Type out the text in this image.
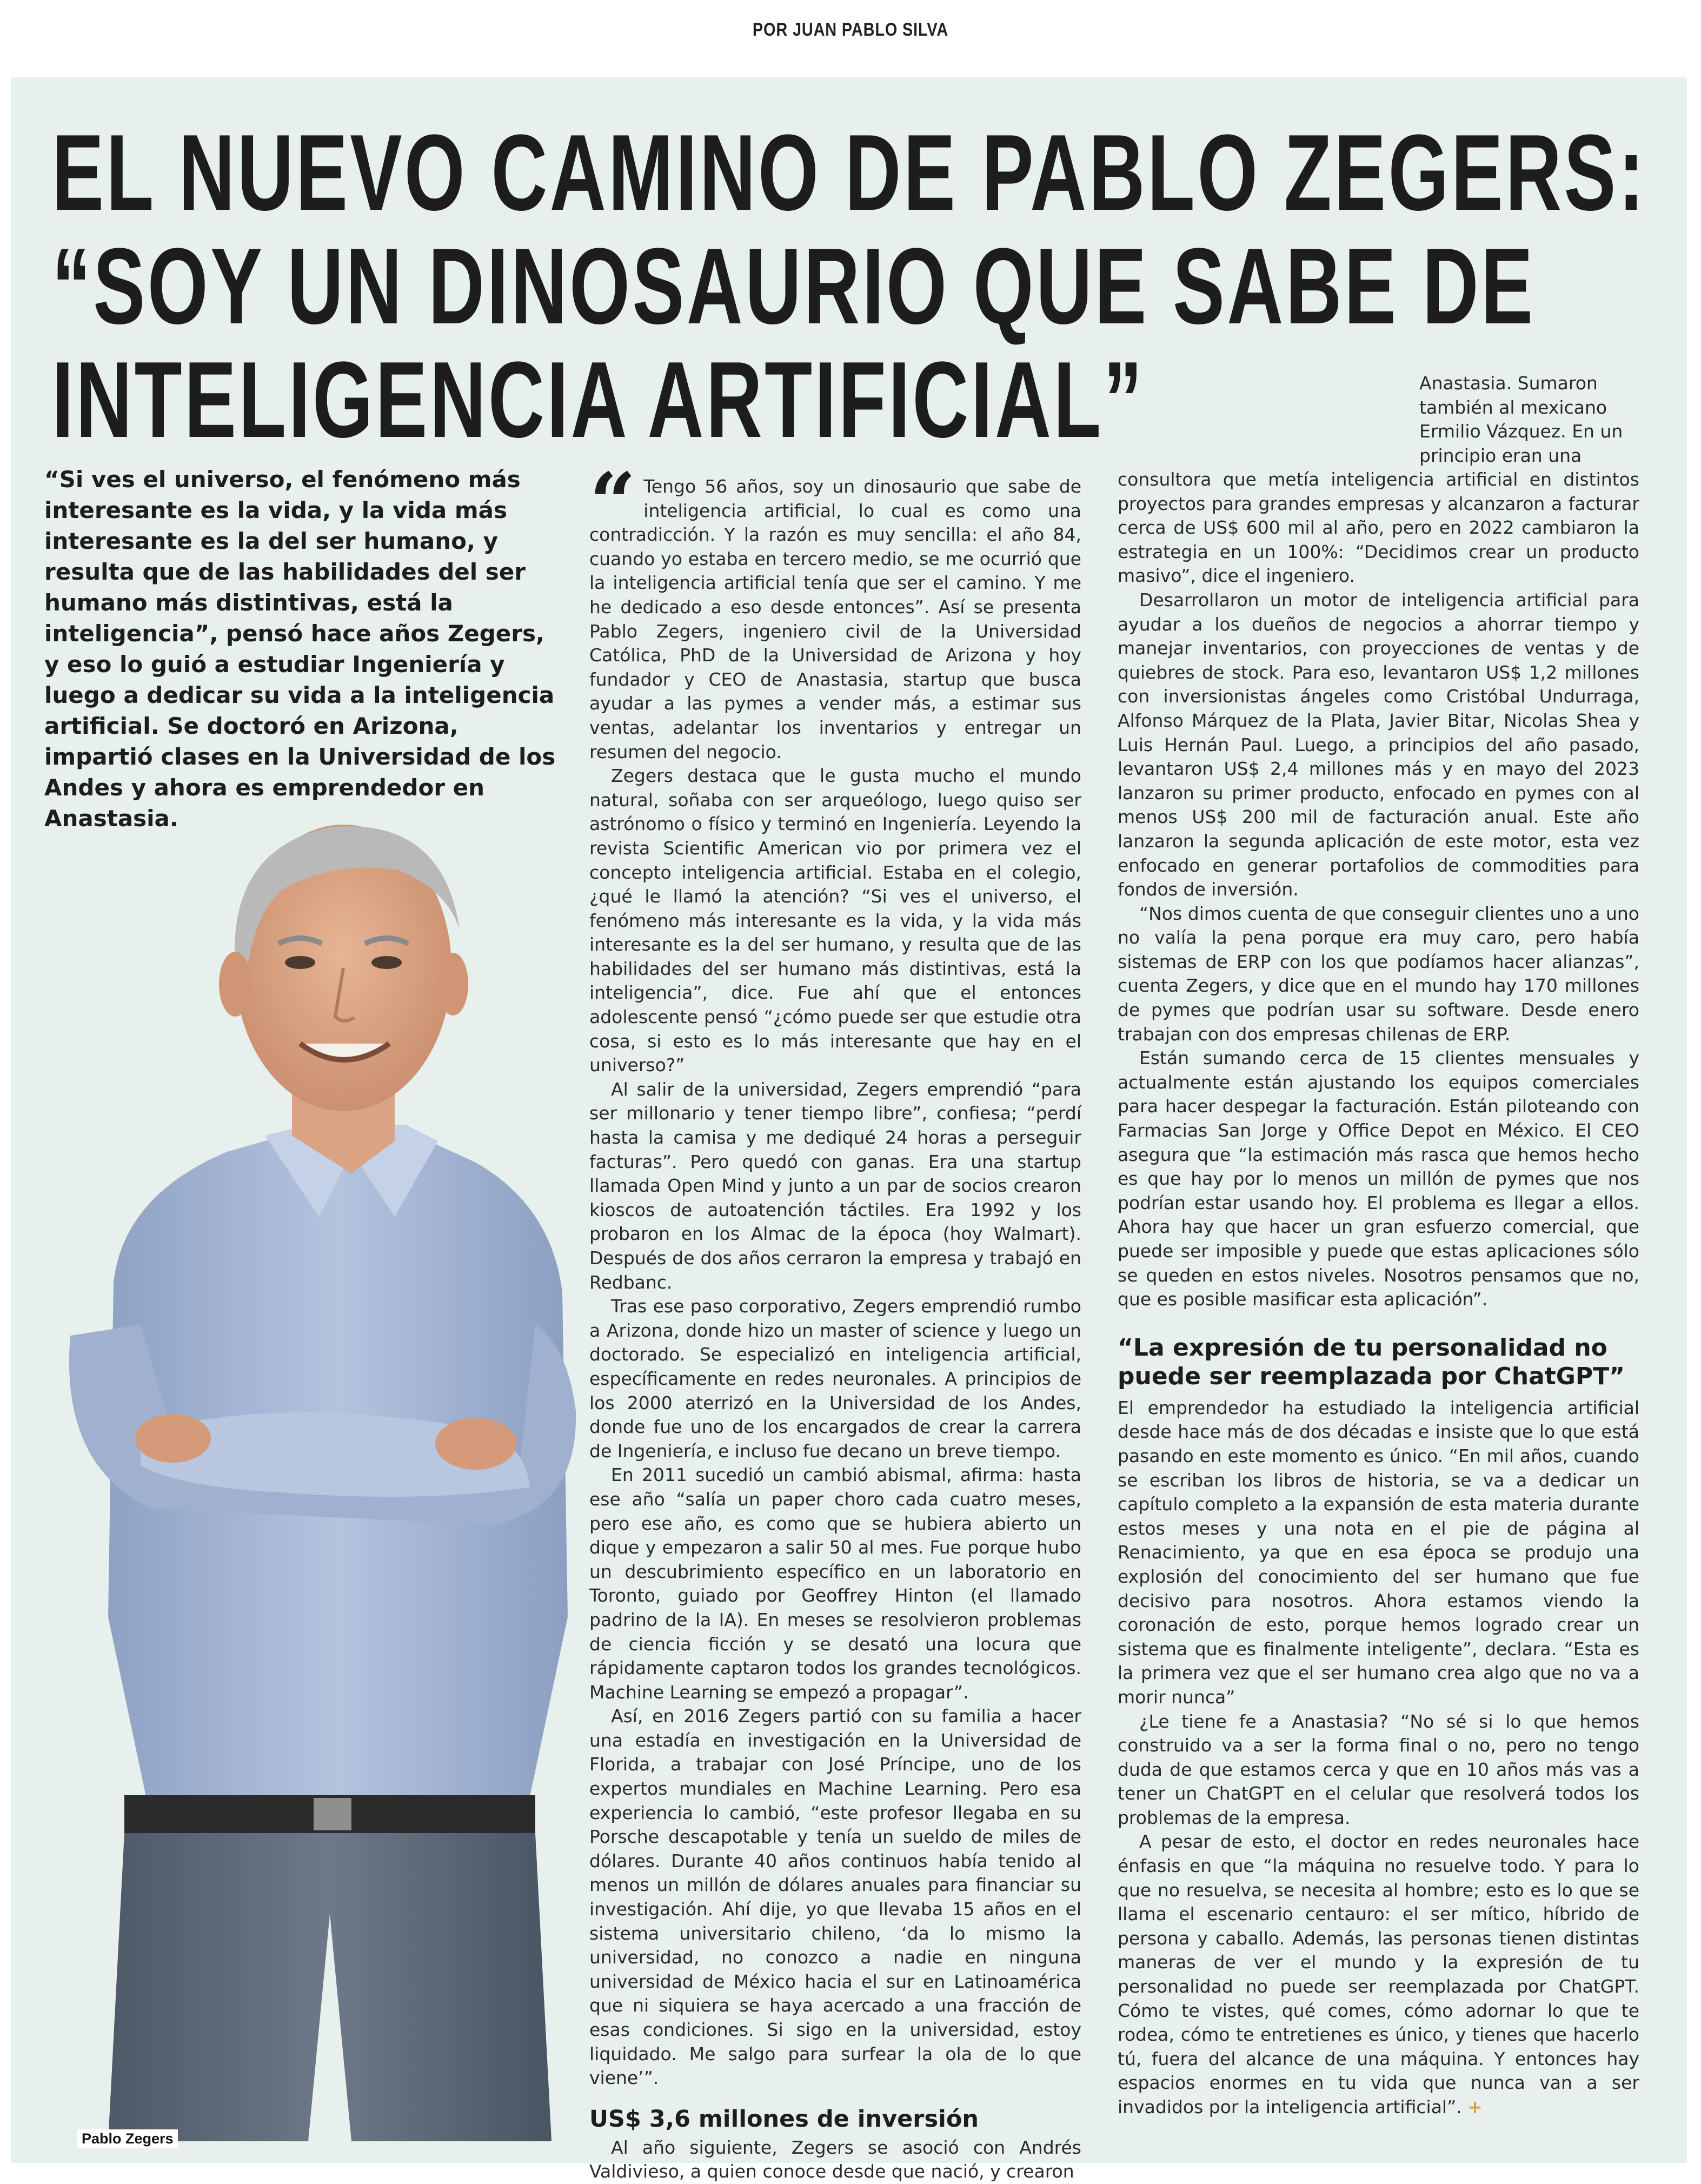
POR JUAN PABLO SILVA
EL NUEVO CAMINO DE PABLO ZEGERS:
“SOY UN DINOSAURIO QUE SABE DE
INTELIGENCIA ARTIFICIAL”
“Si ves el universo, el fenómeno más interesante es la vida, y la vida más interesante es la del ser humano, y resulta que de las habilidades del ser humano más distintivas, está la inteligencia”, pensó hace años Zegers, y eso lo guió a estudiar Ingeniería y luego a dedicar su vida a la inteligencia artificial. Se doctoró en Arizona, impartió clases en la Universidad de los Andes y ahora es emprendedor en Anastasia.
Pablo Zegers
“ Tengo 56 años, soy un dinosaurio que sabe de inteligencia artificial, lo cual es como una contradicción. Y la razón es muy sencilla: el año 84, cuando yo estaba en tercero medio, se me ocurrió que la inteligencia artificial tenía que ser el camino. Y me he dedicado a eso desde entonces”. Así se presenta Pablo Zegers, ingeniero civil de la Universidad Católica, PhD de la Universidad de Arizona y hoy fundador y CEO de Anastasia, startup que busca ayudar a las pymes a vender más, a estimar sus ventas, adelantar los inventarios y entregar un resumen del negocio.

Zegers destaca que le gusta mucho el mundo natural, soñaba con ser arqueólogo, luego quiso ser astrónomo o físico y terminó en Ingeniería. Leyendo la revista Scientific American vio por primera vez el concepto inteligencia artificial. Estaba en el colegio, ¿qué le llamó la atención? “Si ves el universo, el fenómeno más interesante es la vida, y la vida más interesante es la del ser humano, y resulta que de las habilidades del ser humano más distintivas, está la inteligencia”, dice. Fue ahí que el entonces adolescente pensó “¿cómo puede ser que estudie otra cosa, si esto es lo más interesante que hay en el universo?”

Al salir de la universidad, Zegers emprendió “para ser millonario y tener tiempo libre”, confiesa; “perdí hasta la camisa y me dediqué 24 horas a perseguir facturas”. Pero quedó con ganas. Era una startup llamada Open Mind y junto a un par de socios crearon kioscos de autoatención táctiles. Era 1992 y los probaron en los Almac de la época (hoy Walmart). Después de dos años cerraron la empresa y trabajó en Redbanc.

Tras ese paso corporativo, Zegers emprendió rumbo a Arizona, donde hizo un master of science y luego un doctorado. Se especializó en inteligencia artificial, específicamente en redes neuronales. A principios de los 2000 aterrizó en la Universidad de los Andes, donde fue uno de los encargados de crear la carrera de Ingeniería, e incluso fue decano un breve tiempo.

En 2011 sucedió un cambió abismal, afirma: hasta ese año “salía un paper choro cada cuatro meses, pero ese año, es como que se hubiera abierto un dique y empezaron a salir 50 al mes. Fue porque hubo un descubrimiento específico en un laboratorio en Toronto, guiado por Geoffrey Hinton (el llamado padrino de la IA). En meses se resolvieron problemas de ciencia ficción y se desató una locura que rápidamente captaron todos los grandes tecnológicos. Machine Learning se empezó a propagar”.

Así, en 2016 Zegers partió con su familia a hacer una estadía en investigación en la Universidad de Florida, a trabajar con José Príncipe, uno de los expertos mundiales en Machine Learning. Pero esa experiencia lo cambió, “este profesor llegaba en su Porsche descapotable y tenía un sueldo de miles de dólares. Durante 40 años continuos había tenido al menos un millón de dólares anuales para financiar su investigación. Ahí dije, yo que llevaba 15 años en el sistema universitario chileno, ‘da lo mismo la universidad, no conozco a nadie en ninguna universidad de México hacia el sur en Latinoamérica que ni siquiera se haya acercado a una fracción de esas condiciones. Si sigo en la universidad, estoy liquidado. Me salgo para surfear la ola de lo que viene’”.

US$ 3,6 millones de inversión

Al año siguiente, Zegers se asoció con Andrés Valdivieso, a quien conoce desde que nació, y crearon

Anastasia. Sumaron también al mexicano Ermilio Vázquez. En un principio eran una

consultora que metía inteligencia artificial en distintos proyectos para grandes empresas y alcanzaron a facturar cerca de US$ 600 mil al año, pero en 2022 cambiaron la estrategia en un 100%: “Decidimos crear un producto masivo”, dice el ingeniero.

Desarrollaron un motor de inteligencia artificial para ayudar a los dueños de negocios a ahorrar tiempo y manejar inventarios, con proyecciones de ventas y de quiebres de stock. Para eso, levantaron US$ 1,2 millones con inversionistas ángeles como Cristóbal Undurraga, Alfonso Márquez de la Plata, Javier Bitar, Nicolas Shea y Luis Hernán Paul. Luego, a principios del año pasado, levantaron US$ 2,4 millones más y en mayo del 2023 lanzaron su primer producto, enfocado en pymes con al menos US$ 200 mil de facturación anual. Este año lanzaron la segunda aplicación de este motor, esta vez enfocado en generar portafolios de commodities para fondos de inversión.

“Nos dimos cuenta de que conseguir clientes uno a uno no valía la pena porque era muy caro, pero había sistemas de ERP con los que podíamos hacer alianzas”, cuenta Zegers, y dice que en el mundo hay 170 millones de pymes que podrían usar su software. Desde enero trabajan con dos empresas chilenas de ERP.

Están sumando cerca de 15 clientes mensuales y actualmente están ajustando los equipos comerciales para hacer despegar la facturación. Están piloteando con Farmacias San Jorge y Office Depot en México. El CEO asegura que “la estimación más rasca que hemos hecho es que hay por lo menos un millón de pymes que nos podrían estar usando hoy. El problema es llegar a ellos. Ahora hay que hacer un gran esfuerzo comercial, que puede ser imposible y puede que estas aplicaciones sólo se queden en estos niveles. Nosotros pensamos que no, que es posible masificar esta aplicación”.

“La expresión de tu personalidad no puede ser reemplazada por ChatGPT”

El emprendedor ha estudiado la inteligencia artificial desde hace más de dos décadas e insiste que lo que está pasando en este momento es único. “En mil años, cuando se escriban los libros de historia, se va a dedicar un capítulo completo a la expansión de esta materia durante estos meses y una nota en el pie de página al Renacimiento, ya que en esa época se produjo una explosión del conocimiento del ser humano que fue decisivo para nosotros. Ahora estamos viendo la coronación de esto, porque hemos logrado crear un sistema que es finalmente inteligente”, declara. “Esta es la primera vez que el ser humano crea algo que no va a morir nunca”

¿Le tiene fe a Anastasia? “No sé si lo que hemos construido va a ser la forma final o no, pero no tengo duda de que estamos cerca y que en 10 años más vas a tener un ChatGPT en el celular que resolverá todos los problemas de la empresa.

A pesar de esto, el doctor en redes neuronales hace énfasis en que “la máquina no resuelve todo. Y para lo que no resuelva, se necesita al hombre; esto es lo que se llama el escenario centauro: el ser mítico, híbrido de persona y caballo. Además, las personas tienen distintas maneras de ver el mundo y la expresión de tu personalidad no puede ser reemplazada por ChatGPT. Cómo te vistes, qué comes, cómo adornar lo que te rodea, cómo te entretienes es único, y tienes que hacerlo tú, fuera del alcance de una máquina. Y entonces hay espacios enormes en tu vida que nunca van a ser invadidos por la inteligencia artificial”. +
